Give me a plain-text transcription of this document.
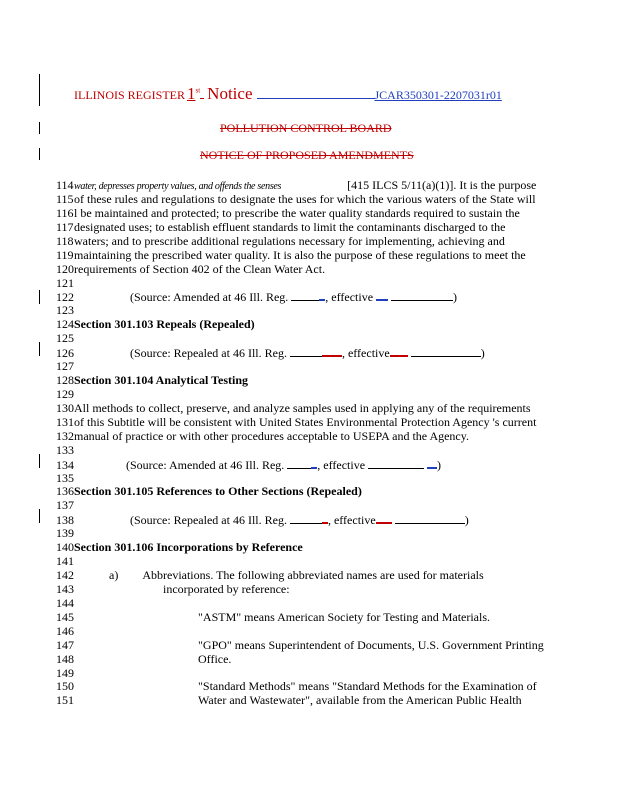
ILLINOIS REGISTER 1st Notice	JCAR350301-2207031r01
POLLUTION CONTROL BOARD
NOTICE OF PROPOSED AMENDMENTS
114water, depresses property values, and offends the senses	[415 ILCS 5/11(a)(1)]. It is the purpose
115of these rules and regulations to designate the uses for which the various waters of the State will
116l be maintained and protected; to prescribe the water quality standards required to sustain the
117designated uses; to establish effluent standards to limit the contaminants discharged to the
118waters; and to prescribe additional regulations necessary for implementing, achieving and
119maintaining the prescribed water quality. It is also the purpose of these regulations to meet the
120requirements of Section 402 of the Clean Water Act.
121
122	(Source: Amended at 46 Ill. Reg.	, effective	)
123
124Section 301.103 Repeals (Repealed)
125
126	(Source: Repealed at 46 Ill. Reg.	, effective	)
127
128Section 301.104 Analytical Testing
129
130All methods to collect, preserve, and analyze samples used in applying any of the requirements
131of this Subtitle will be consistent with United States Environmental Protection Agency 's current
132manual of practice or with other procedures acceptable to USEPA and the Agency.
133
134	(Source: Amended at 46 Ill. Reg.	, effective	)
135
136Section 301.105 References to Other Sections (Repealed)
137
138	(Source: Repealed at 46 Ill. Reg.	, effective	)
139
140Section 301.106 Incorporations by Reference
141
142	a) Abbreviations. The following abbreviated names are used for materials
143	incorporated by reference:
144
145	"ASTM" means American Society for Testing and Materials.
146
147	"GPO" means Superintendent of Documents, U.S. Government Printing
148	Office.
149
150	"Standard Methods" means "Standard Methods for the Examination of
151	Water and Wastewater", available from the American Public Health
